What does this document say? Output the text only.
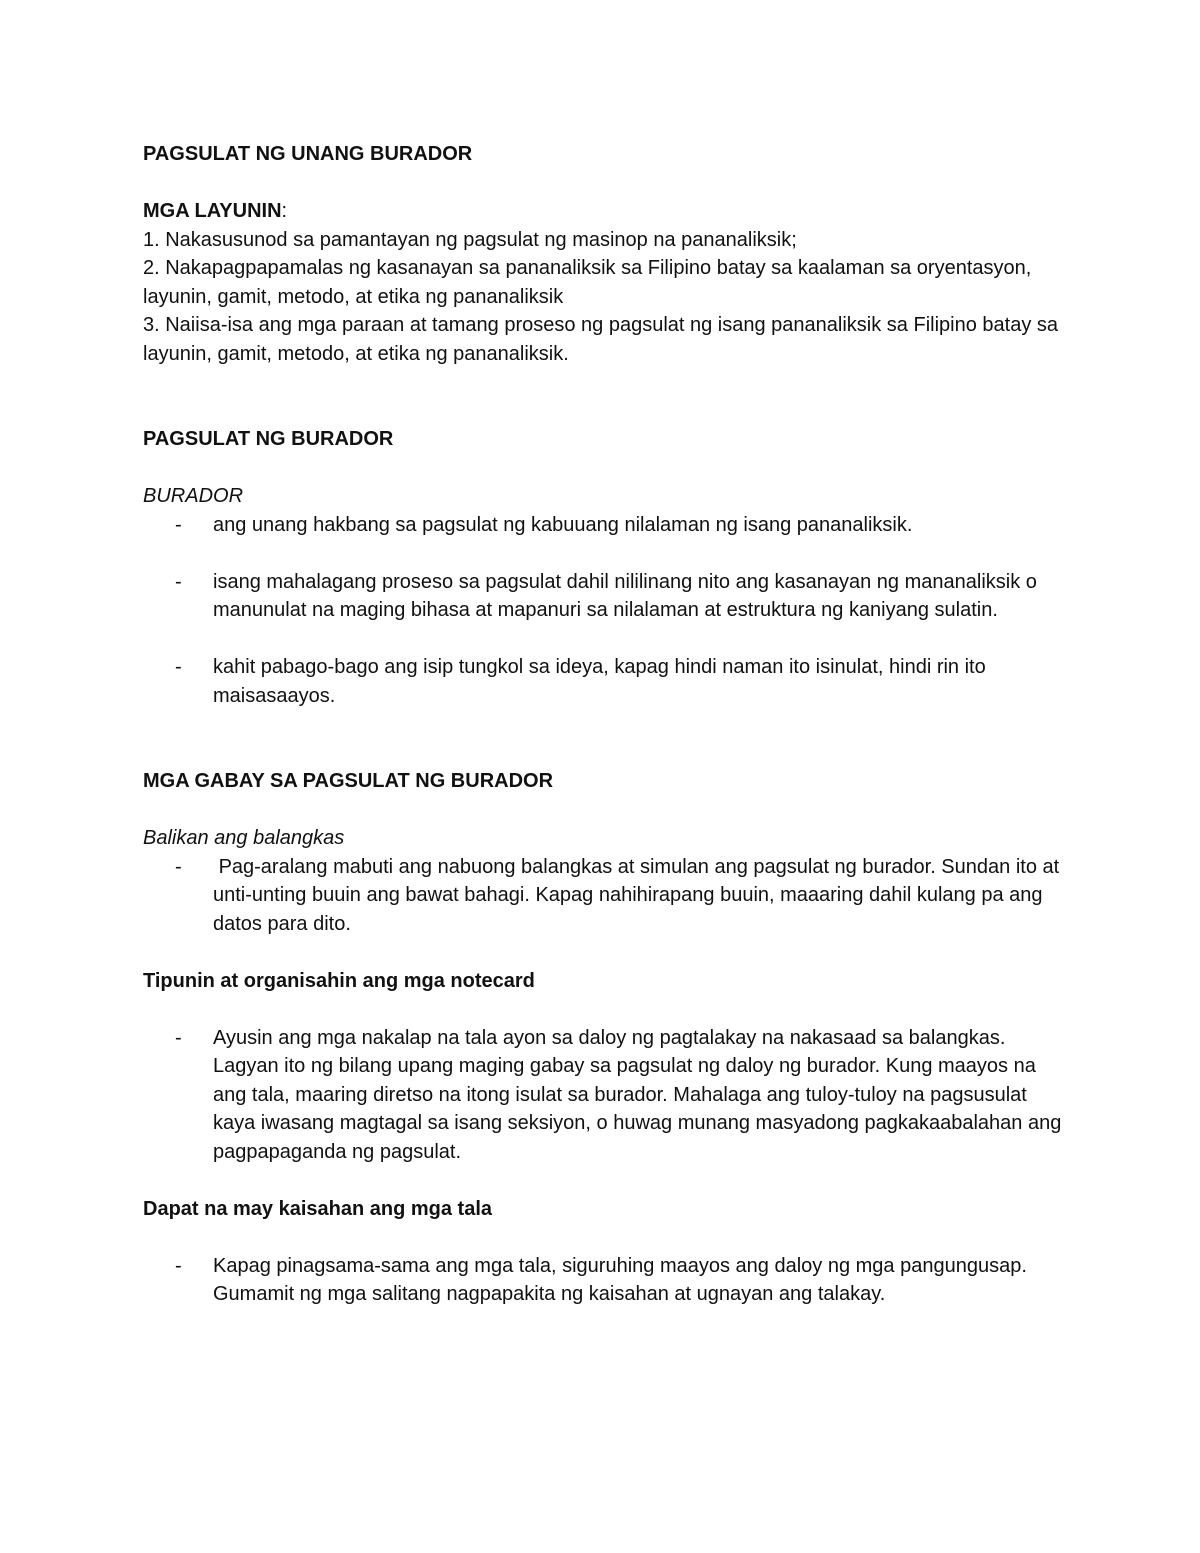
PAGSULAT NG UNANG BURADOR

MGA LAYUNIN:

1. Nakasusunod sa pamantayan ng pagsulat ng masinop na pananaliksik;

2. Nakapagpapamalas ng kasanayan sa pananaliksik sa Filipino batay sa kaalaman sa oryentasyon, layunin, gamit, metodo, at etika ng pananaliksik

3. Naiisa-isa ang mga paraan at tamang proseso ng pagsulat ng isang pananaliksik sa Filipino batay sa layunin, gamit, metodo, at etika ng pananaliksik.

PAGSULAT NG BURADOR

BURADOR

-	ang unang hakbang sa pagsulat ng kabuuang nilalaman ng isang pananaliksik.
-	isang mahalagang proseso sa pagsulat dahil nililinang nito ang kasanayan ng mananaliksik o    manunulat na maging bihasa at mapanuri sa nilalaman at estruktura ng kaniyang sulatin.
-	kahit pabago-bago ang isip tungkol sa ideya, kapag hindi naman ito isinulat, hindi rin ito maisasaayos.

MGA GABAY SA PAGSULAT NG BURADOR

Balikan ang balangkas

-	Pag-aralang mabuti ang nabuong balangkas at simulan ang pagsulat ng burador. Sundan ito at unti-unting buuin ang bawat bahagi. Kapag nahihirapang buuin, maaaring dahil kulang pa ang datos para dito.

Tipunin at organisahin ang mga notecard

-	Ayusin ang mga nakalap na tala ayon sa daloy ng pagtalakay na nakasaad sa balangkas. Lagyan ito ng bilang upang maging gabay sa pagsulat ng daloy ng burador. Kung maayos na ang tala, maaring diretso na itong isulat sa burador. Mahalaga ang tuloy-tuloy na pagsusulat kaya iwasang magtagal sa isang seksiyon, o huwag munang masyadong pagkakaabalahan ang pagpapaganda ng pagsulat.

Dapat na may kaisahan ang mga tala

-	Kapag pinagsama-sama ang mga tala, siguruhing maayos ang daloy ng mga pangungusap. Gumamit ng mga salitang nagpapakita ng kaisahan at ugnayan ang talakay.
